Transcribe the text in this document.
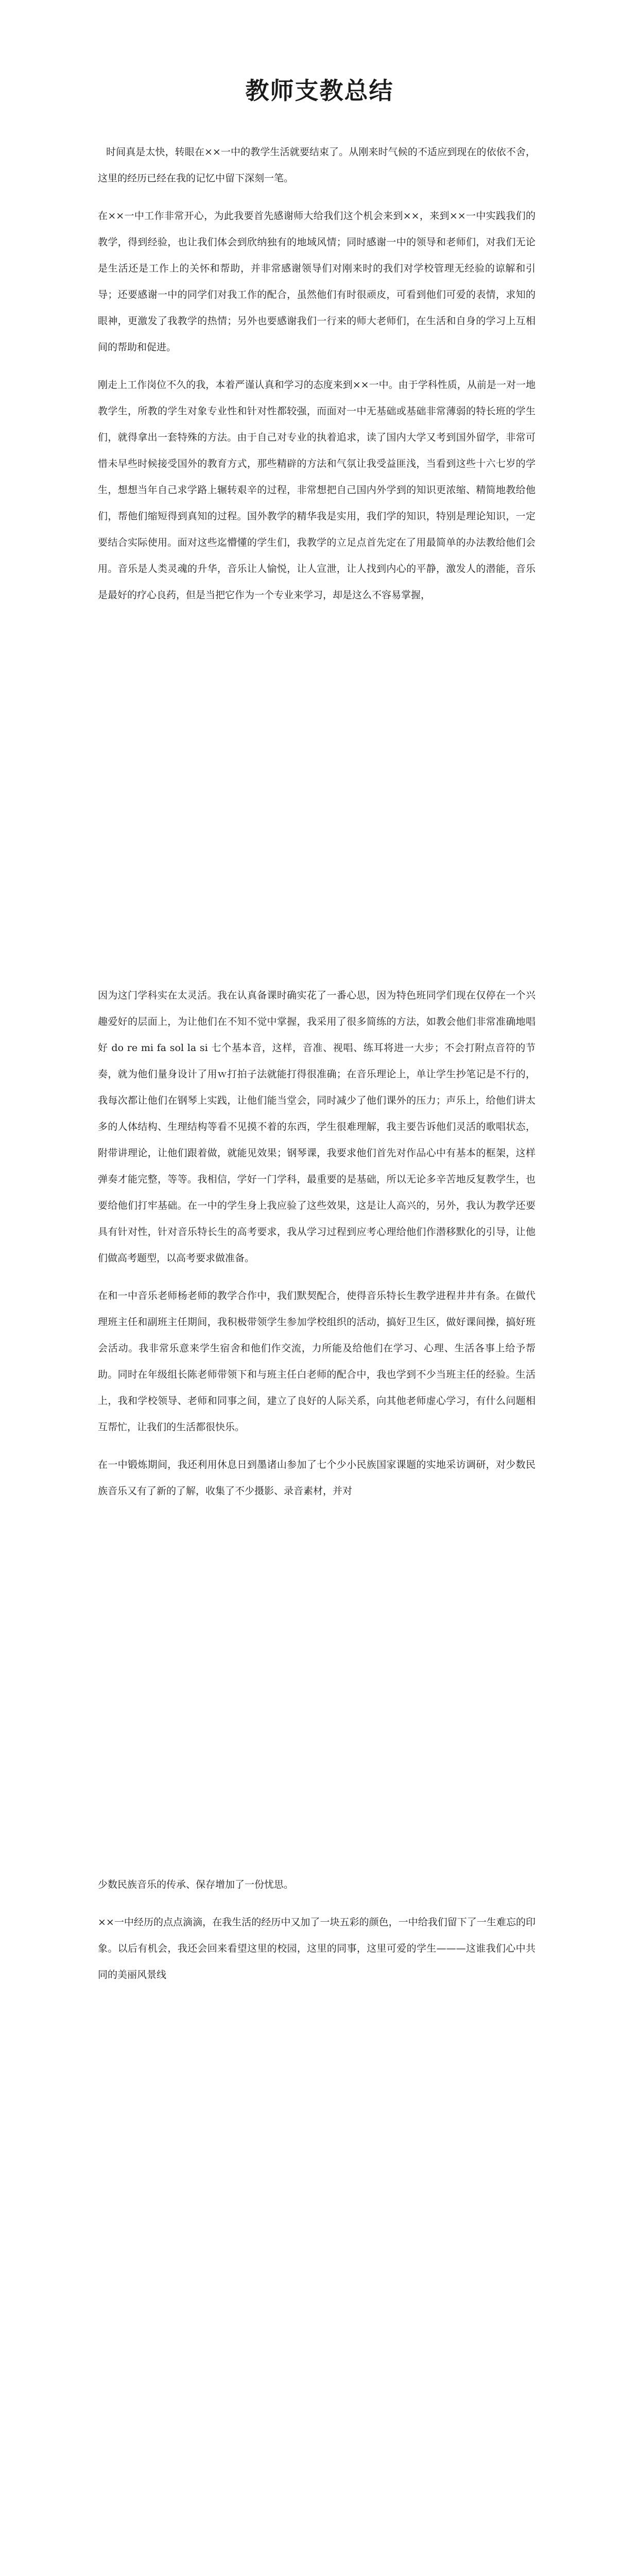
教师支教总结

时间真是太快，转眼在××一中的教学生活就要结束了。从刚来时气候的不适应到现在的依依不舍，这里的经历已经在我的记忆中留下深刻一笔。

在××一中工作非常开心，为此我要首先感谢师大给我们这个机会来到××，来到××一中实践我们的教学，得到经验，也让我们体会到欣纳独有的地域风情；同时感谢一中的领导和老师们，对我们无论是生活还是工作上的关怀和帮助，并非常感谢领导们对刚来时的我们对学校管理无经验的谅解和引导；还要感谢一中的同学们对我工作的配合，虽然他们有时很顽皮，可看到他们可爱的表情，求知的眼神，更激发了我教学的热情；另外也要感谢我们一行来的师大老师们，在生活和自身的学习上互相间的帮助和促进。

刚走上工作岗位不久的我，本着严谨认真和学习的态度来到××一中。由于学科性质，从前是一对一地教学生，所教的学生对象专业性和针对性都较强，而面对一中无基础或基础非常薄弱的特长班的学生们，就得拿出一套特殊的方法。由于自己对专业的执着追求，读了国内大学又考到国外留学，非常可惜未早些时候接受国外的教育方式，那些精辟的方法和气氛让我受益匪浅，当看到这些十六七岁的学生，想想当年自己求学路上辗转艰辛的过程，非常想把自己国内外学到的知识更浓缩、精简地教给他们，帮他们缩短得到真知的过程。国外教学的精华我是实用，我们学的知识，特别是理论知识，一定要结合实际使用。面对这些迄懵懂的学生们，我教学的立足点首先定在了用最简单的办法教给他们会用。音乐是人类灵魂的升华，音乐让人愉悦，让人宣泄，让人找到内心的平静，激发人的潜能，音乐是最好的疗心良药，但是当把它作为一个专业来学习，却是这么不容易掌握，

因为这门学科实在太灵活。我在认真备课时确实花了一番心思，因为特色班同学们现在仅停在一个兴趣爱好的层面上，为让他们在不知不觉中掌握，我采用了很多简练的方法，如教会他们非常准确地唱好 do re mi fa sol la si 七个基本音，这样，音准、视唱、练耳将进一大步；不会打附点音符的节奏，就为他们量身设计了用ｗ打拍子法就能打得很准确；在音乐理论上，单让学生抄笔记是不行的，我每次都让他们在钢琴上实践，让他们能当堂会，同时减少了他们课外的压力；声乐上，给他们讲太多的人体结构、生理结构等看不见摸不着的东西，学生很难理解，我主要告诉他们灵活的歌唱状态，附带讲理论，让他们跟着做，就能见效果；钢琴课，我要求他们首先对作品心中有基本的框架，这样弹奏才能完整，等等。我相信，学好一门学科，最重要的是基础，所以无论多辛苦地反复教学生，也要给他们打牢基础。在一中的学生身上我应验了这些效果，这是让人高兴的，另外，我认为教学还要具有针对性，针对音乐特长生的高考要求，我从学习过程到应考心理给他们作潜移默化的引导，让他们做高考题型，以高考要求做准备。

在和一中音乐老师杨老师的教学合作中，我们默契配合，使得音乐特长生教学进程井井有条。在做代理班主任和副班主任期间，我积极带领学生参加学校组织的活动，搞好卫生区，做好课间操，搞好班会活动。我非常乐意来学生宿舍和他们作交流，力所能及给他们在学习、心理、生活各事上给予帮助。同时在年级组长陈老师带领下和与班主任白老师的配合中，我也学到不少当班主任的经验。生活上，我和学校领导、老师和同事之间，建立了良好的人际关系，向其他老师虚心学习，有什么问题相互帮忙，让我们的生活都很快乐。

在一中锻炼期间，我还利用休息日到墨诸山参加了七个少小民族国家课题的实地采访调研，对少数民族音乐又有了新的了解，收集了不少摄影、录音素材，并对

少数民族音乐的传承、保存增加了一份忧思。

××一中经历的点点滴滴，在我生活的经历中又加了一块五彩的颜色，一中给我们留下了一生难忘的印象。以后有机会，我还会回来看望这里的校园，这里的同事，这里可爱的学生———这谁我们心中共同的美丽风景线
